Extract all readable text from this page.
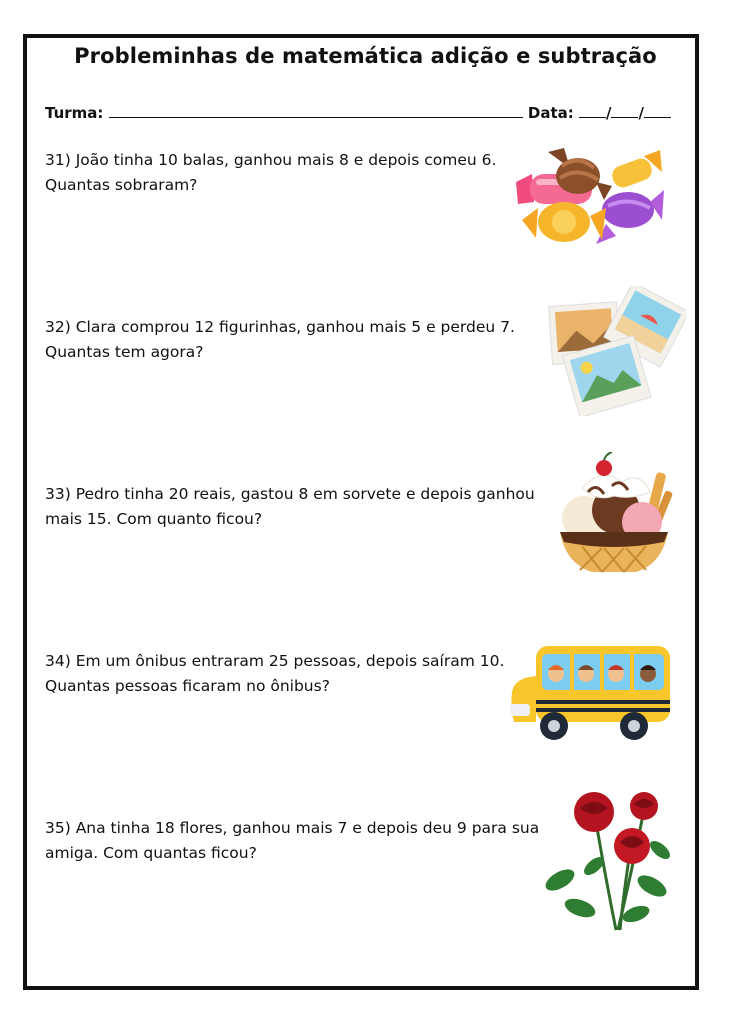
Probleminhas de matemática adição e subtração
Turma:	Data: / /
31) João tinha 10 balas, ganhou mais 8 e depois comeu 6.
Quantas sobraram?
32) Clara comprou 12 figurinhas, ganhou mais 5 e perdeu 7.
Quantas tem agora?
33) Pedro tinha 20 reais, gastou 8 em sorvete e depois ganhou
mais 15. Com quanto ficou?
34) Em um ônibus entraram 25 pessoas, depois saíram 10.
Quantas pessoas ficaram no ônibus?
35) Ana tinha 18 flores, ganhou mais 7 e depois deu 9 para sua
amiga. Com quantas ficou?
